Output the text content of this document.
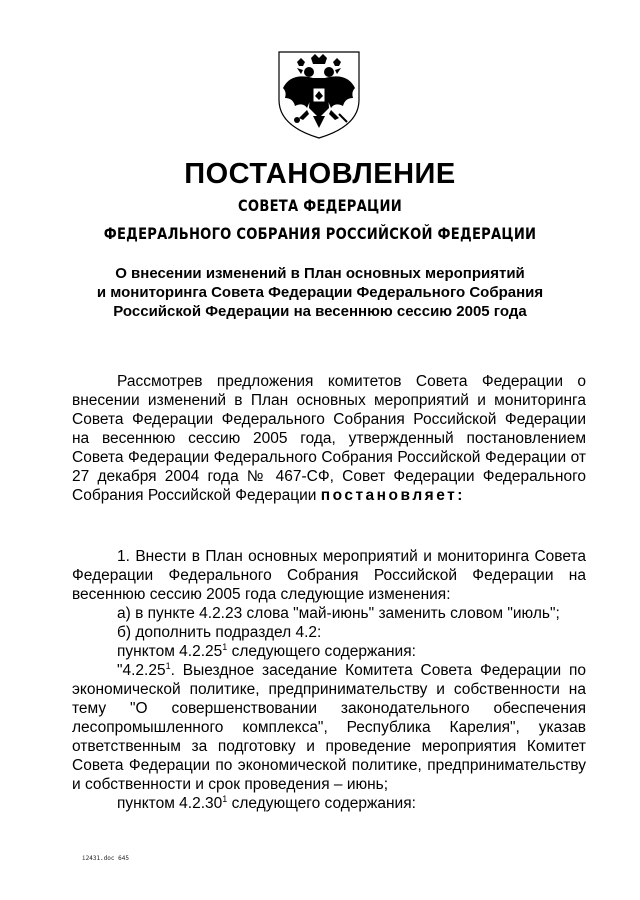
ПОСТАНОВЛЕНИЕ
СОВЕТА ФЕДЕРАЦИИ
ФЕДЕРАЛЬНОГО СОБРАНИЯ РОССИЙСКОЙ ФЕДЕРАЦИИ
О внесении изменений в План основных мероприятий
и мониторинга Совета Федерации Федерального Собрания
Российской Федерации на весеннюю сессию 2005 года

Рассмотрев предложения комитетов Совета Федерации о внесении изменений в План основных мероприятий и мониторинга Совета Федерации Федерального Собрания Российской Федерации на весеннюю сессию 2005 года, утвержденный постановлением Совета Федерации Федерального Собрания Российской Федерации от 27 декабря 2004 года № 467-СФ, Совет Федерации Федерального Собрания Российской Федерации постановляет:

1. Внести в План основных мероприятий и мониторинга Совета Федерации Федерального Собрания Российской Федерации на весеннюю сессию 2005 года следующие изменения:

а) в пункте 4.2.23 слова "май-июнь" заменить словом "июль";

б) дополнить подраздел 4.2:

пунктом 4.2.25$^1$ следующего содержания:

"4.2.25$^1$. Выездное заседание Комитета Совета Федерации по экономической политике, предпринимательству и собственности на тему "О совершенствовании законодательного обеспечения лесопромышленного комплекса", Республика Карелия", указав ответственным за подготовку и проведение мероприятия Комитет Совета Федерации по экономической политике, предпринимательству и собственности и срок проведения – июнь;

пунктом 4.2.30$^1$ следующего содержания:

i2431.doc 645
